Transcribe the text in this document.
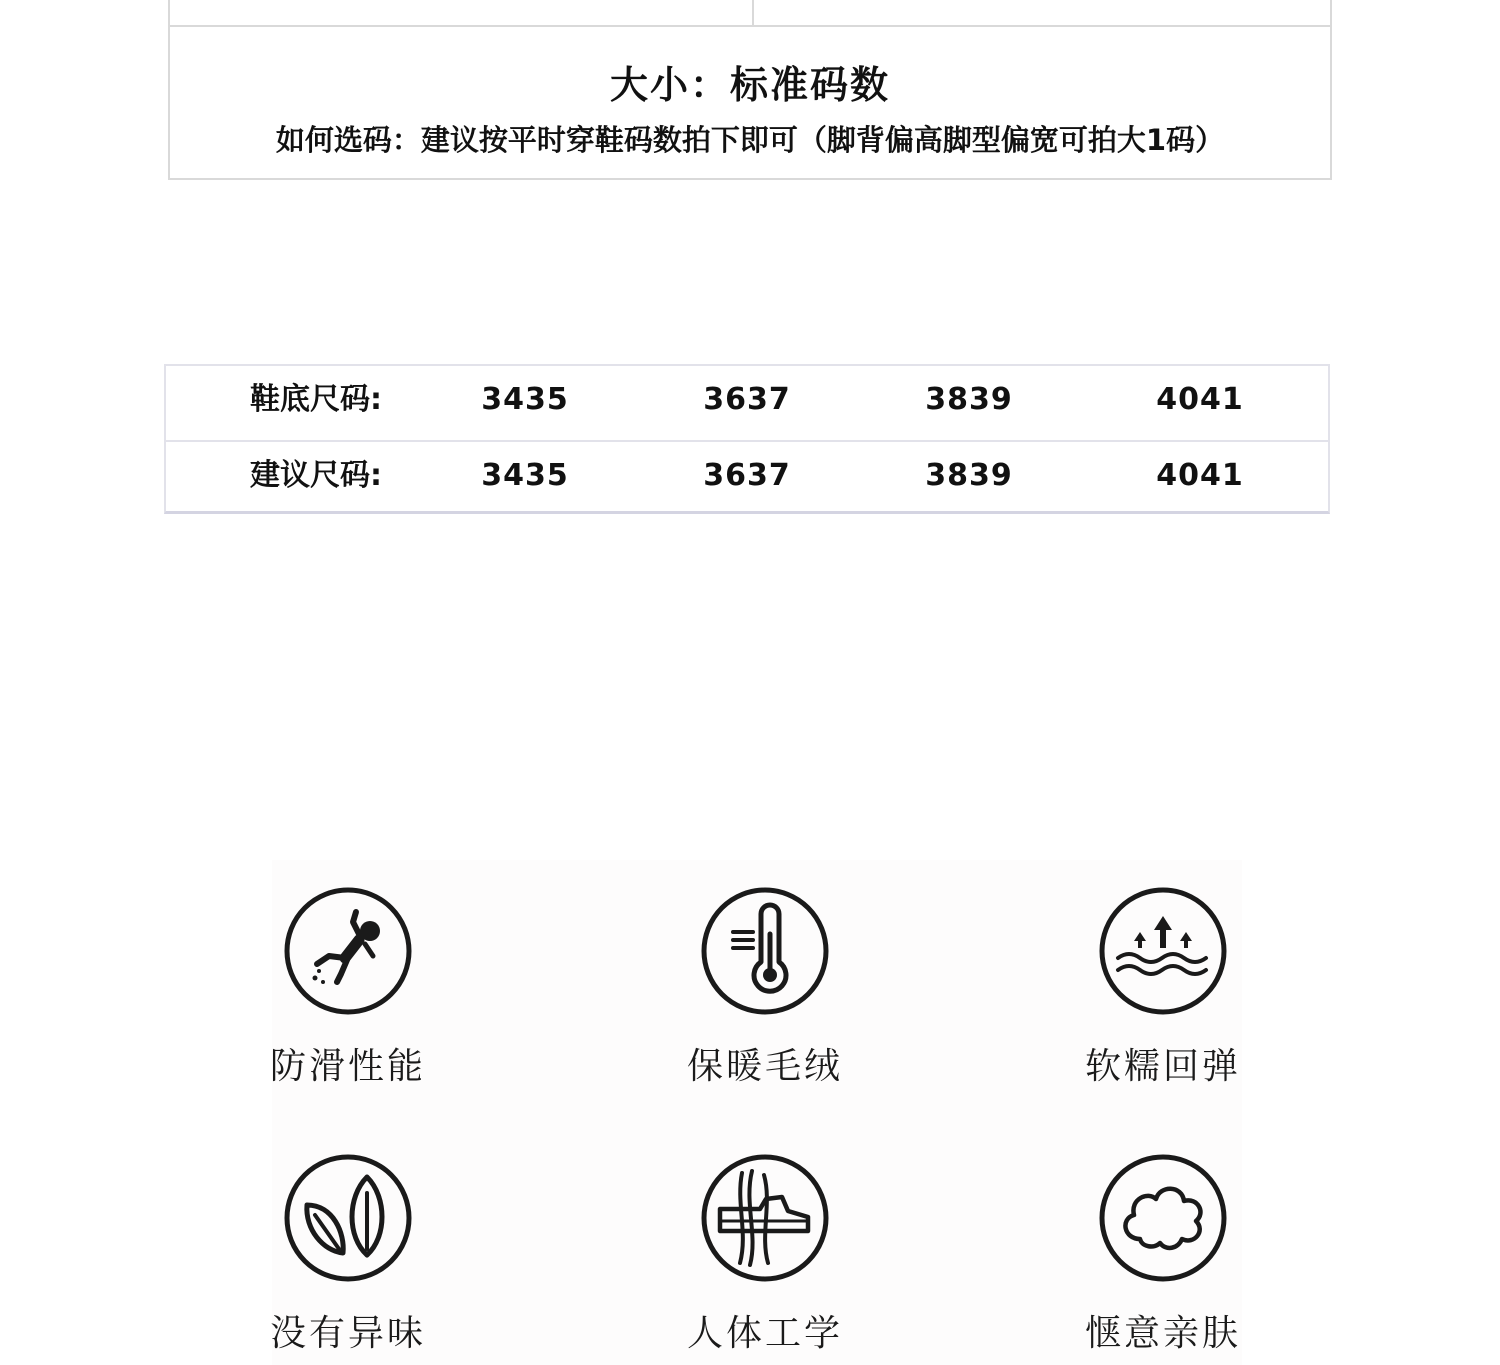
大小：标准码数
如何选码：建议按平时穿鞋码数拍下即可（脚背偏高脚型偏宽可拍大1码）
鞋底尺码:	3435	3637	3839	4041
建议尺码:	3435	3637	3839	4041
防滑性能	保暖毛绒	软糯回弹
没有异味	人体工学	惬意亲肤
